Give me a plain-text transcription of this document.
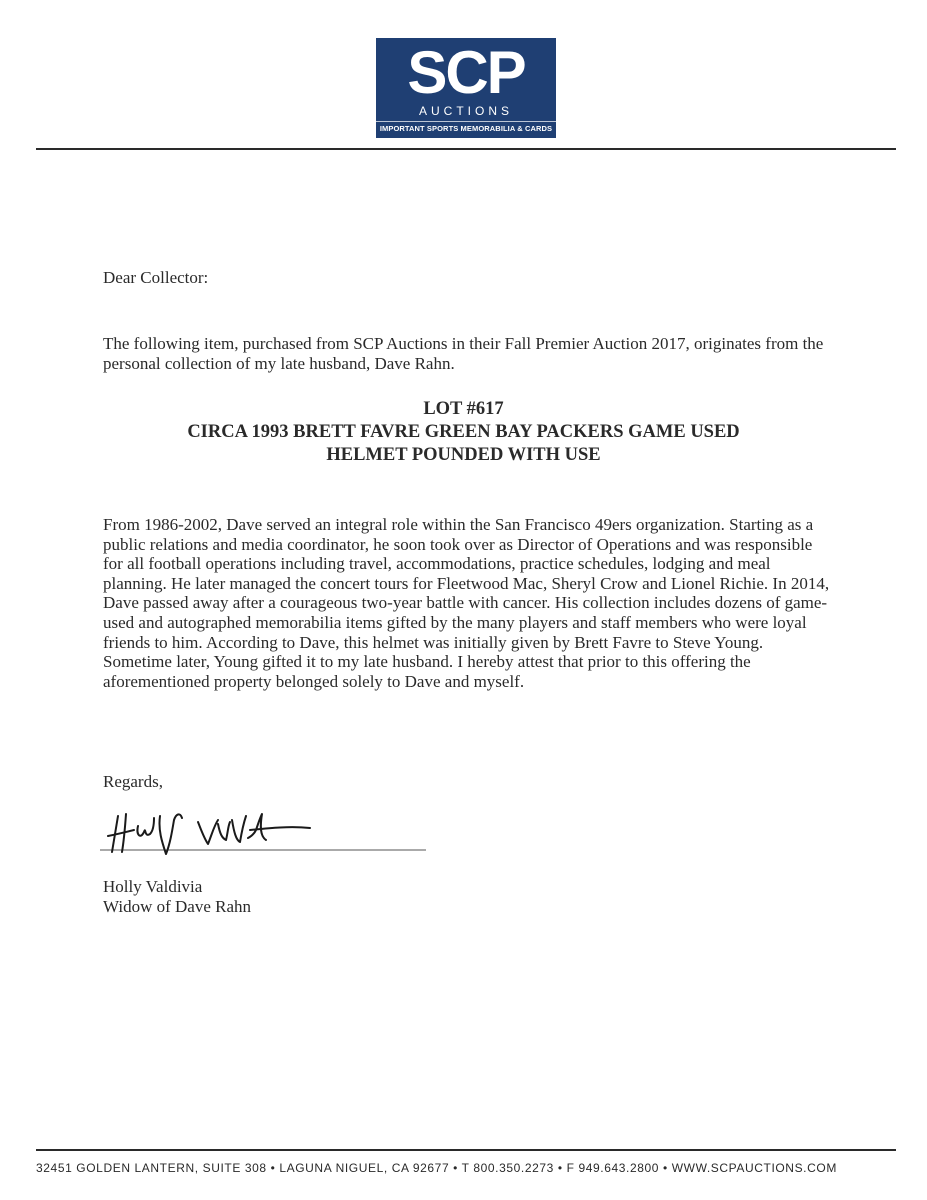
SCP
AUCTIONS
IMPORTANT SPORTS MEMORABILIA & CARDS
Dear Collector:
The following item, purchased from SCP Auctions in their Fall Premier Auction 2017, originates from the personal collection of my late husband, Dave Rahn.
LOT #617
CIRCA 1993 BRETT FAVRE GREEN BAY PACKERS GAME USED
HELMET POUNDED WITH USE
From 1986-2002, Dave served an integral role within the San Francisco 49ers organization. Starting as a public relations and media coordinator, he soon took over as Director of Operations and was responsible for all football operations including travel, accommodations, practice schedules, lodging and meal planning. He later managed the concert tours for Fleetwood Mac, Sheryl Crow and Lionel Richie. In 2014, Dave passed away after a courageous two-year battle with cancer. His collection includes dozens of game-used and autographed memorabilia items gifted by the many players and staff members who were loyal friends to him. According to Dave, this helmet was initially given by Brett Favre to Steve Young. Sometime later, Young gifted it to my late husband. I hereby attest that prior to this offering the aforementioned property belonged solely to Dave and myself.
Regards,
Holly Valdivia
Widow of Dave Rahn
32451 GOLDEN LANTERN, SUITE 308 • LAGUNA NIGUEL, CA 92677 • T 800.350.2273 • F 949.643.2800 • WWW.SCPAUCTIONS.COM
